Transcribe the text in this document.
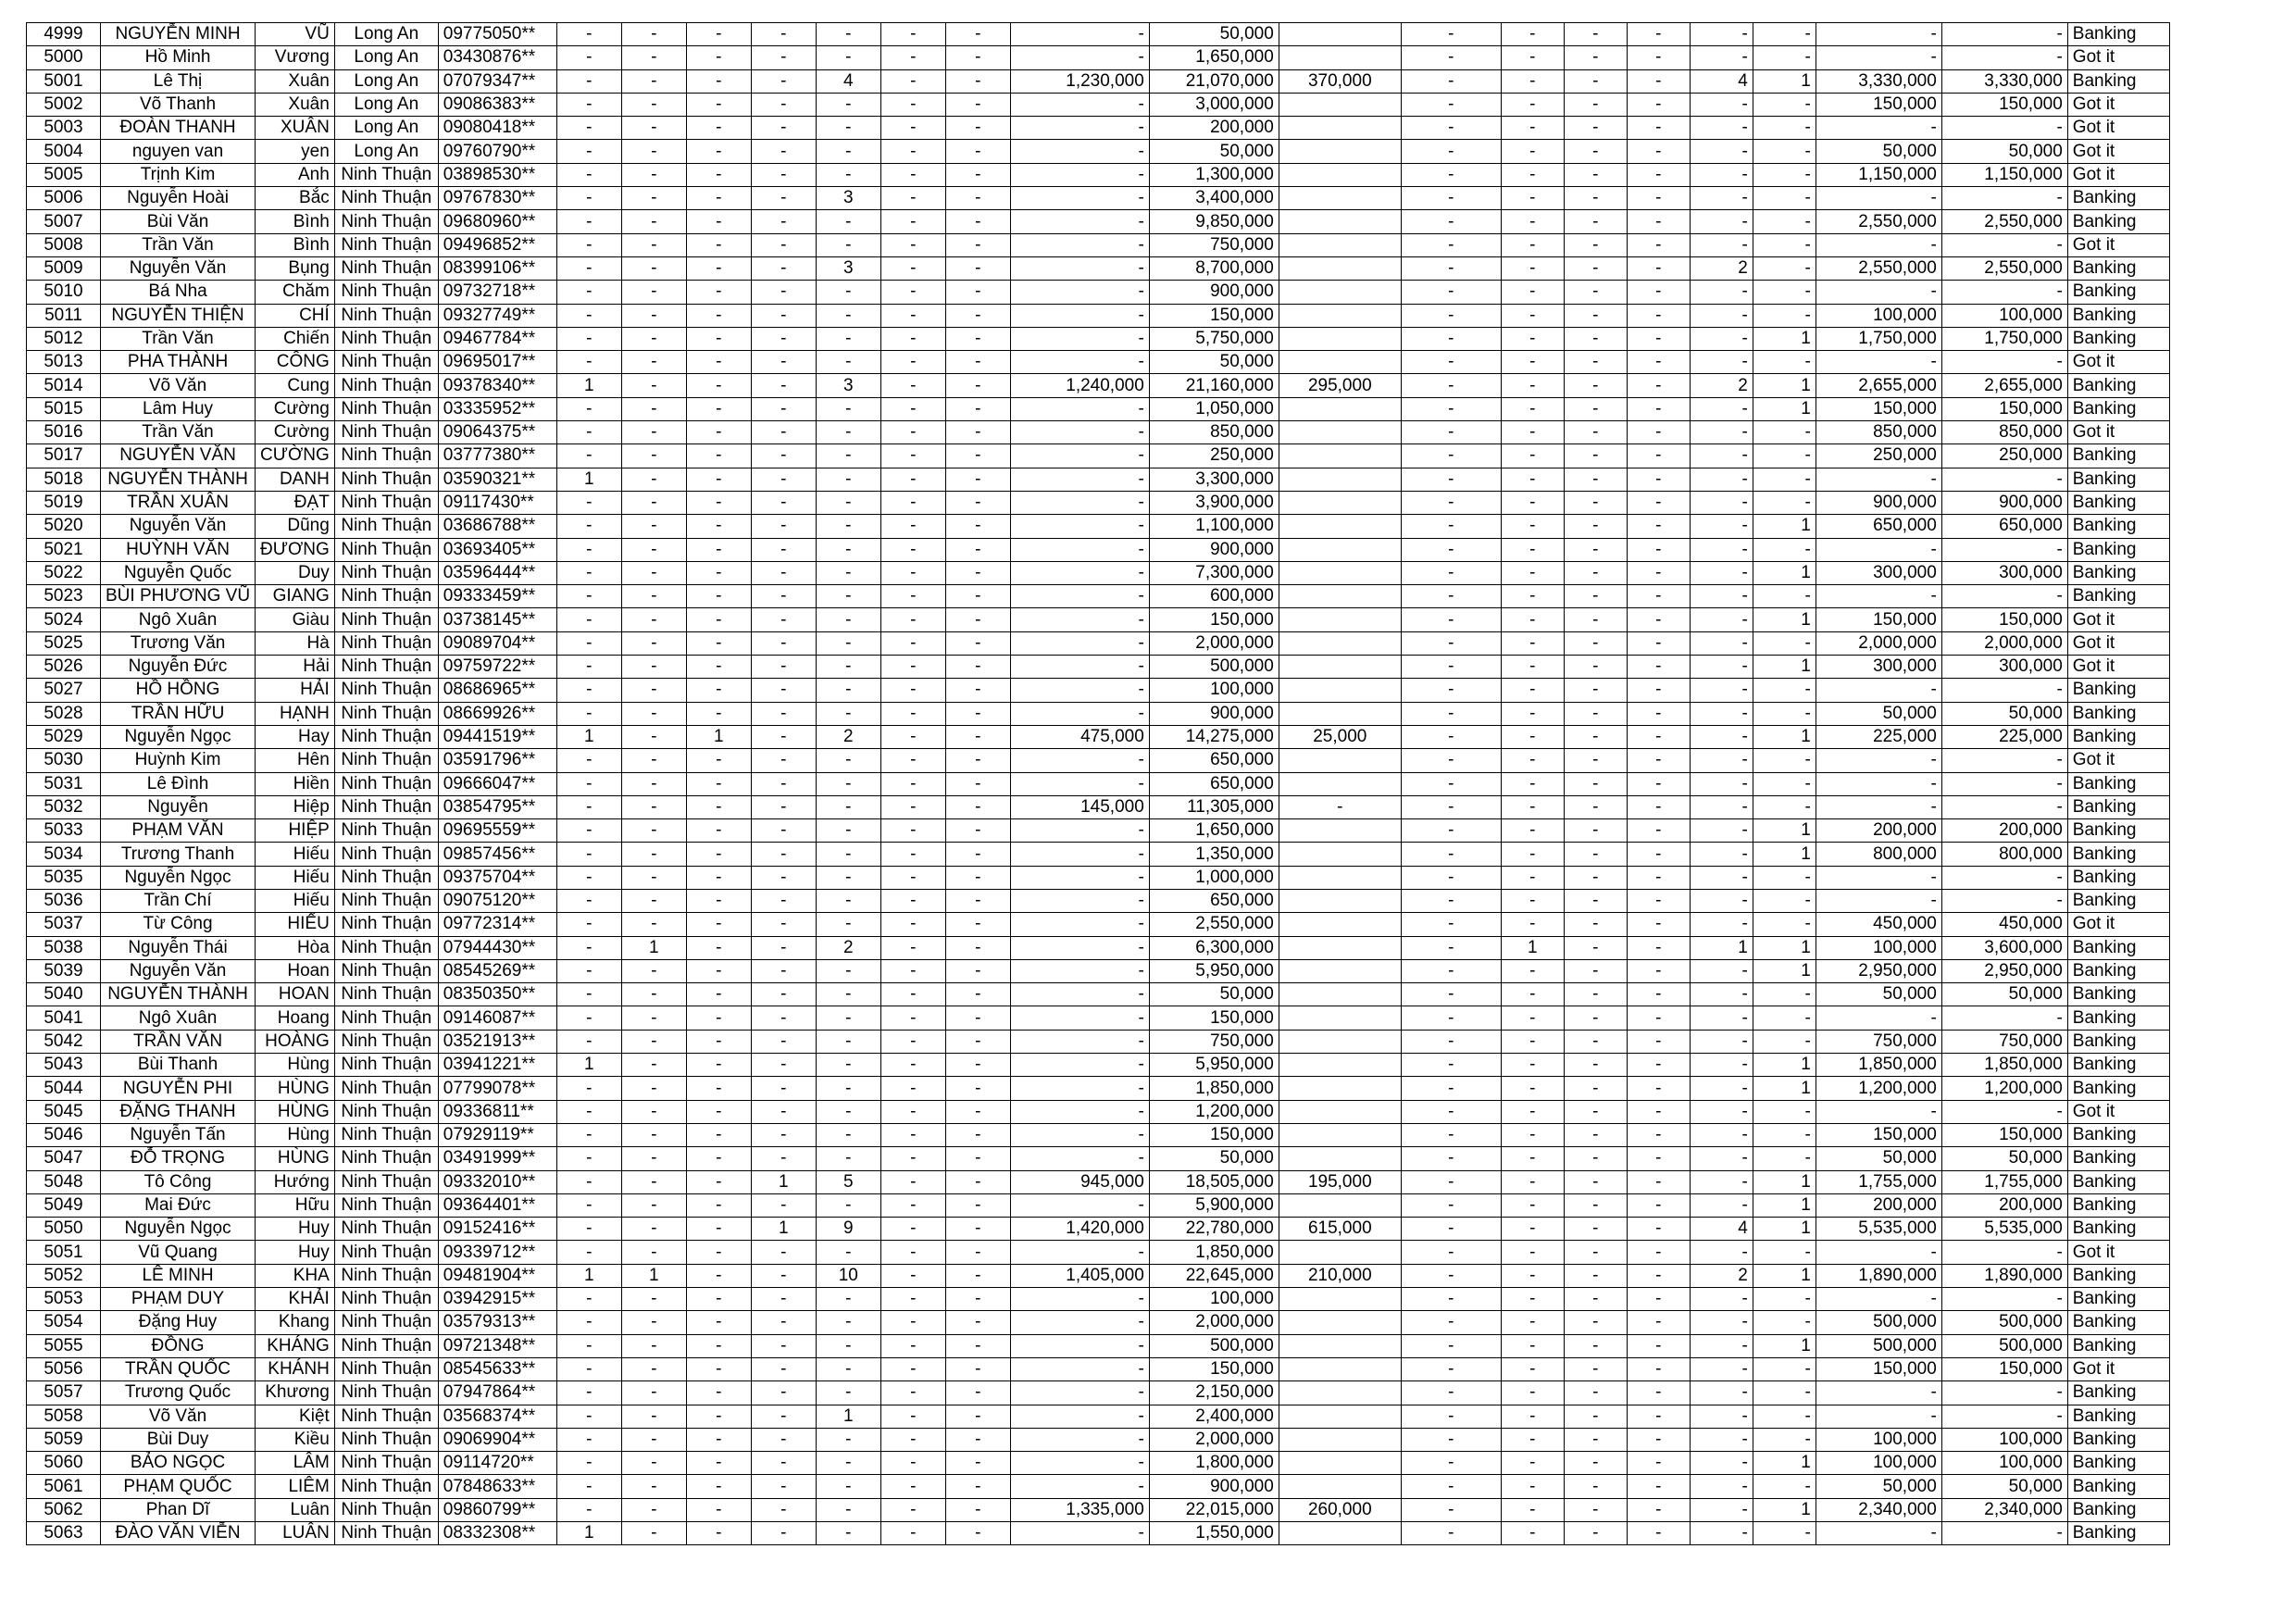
4999	NGUYỄN MINH	VŨ	Long An	09775050**	-	-	-	-	-	-	-	-	50,000		-	-	-	-	-	-	-	-	Banking
5000	Hồ Minh	Vương	Long An	03430876**	-	-	-	-	-	-	-	-	1,650,000		-	-	-	-	-	-	-	-	Got it
5001	Lê Thị	Xuân	Long An	07079347**	-	-	-	-	4	-	-	1,230,000	21,070,000	370,000	-	-	-	-	4	1	3,330,000	3,330,000	Banking
5002	Võ Thanh	Xuân	Long An	09086383**	-	-	-	-	-	-	-	-	3,000,000		-	-	-	-	-	-	150,000	150,000	Got it
5003	ĐOÀN THANH	XUÂN	Long An	09080418**	-	-	-	-	-	-	-	-	200,000		-	-	-	-	-	-	-	-	Got it
5004	nguyen van	yen	Long An	09760790**	-	-	-	-	-	-	-	-	50,000		-	-	-	-	-	-	50,000	50,000	Got it
5005	Trịnh Kim	Anh	Ninh Thuận	03898530**	-	-	-	-	-	-	-	-	1,300,000		-	-	-	-	-	-	1,150,000	1,150,000	Got it
5006	Nguyễn Hoài	Bắc	Ninh Thuận	09767830**	-	-	-	-	3	-	-	-	3,400,000		-	-	-	-	-	-	-	-	Banking
5007	Bùi Văn	Bình	Ninh Thuận	09680960**	-	-	-	-	-	-	-	-	9,850,000		-	-	-	-	-	-	2,550,000	2,550,000	Banking
5008	Trần Văn	Bình	Ninh Thuận	09496852**	-	-	-	-	-	-	-	-	750,000		-	-	-	-	-	-	-	-	Got it
5009	Nguyễn Văn	Bụng	Ninh Thuận	08399106**	-	-	-	-	3	-	-	-	8,700,000		-	-	-	-	2	-	2,550,000	2,550,000	Banking
5010	Bá Nha	Chăm	Ninh Thuận	09732718**	-	-	-	-	-	-	-	-	900,000		-	-	-	-	-	-	-	-	Banking
5011	NGUYỄN THIỆN	CHÍ	Ninh Thuận	09327749**	-	-	-	-	-	-	-	-	150,000		-	-	-	-	-	-	100,000	100,000	Banking
5012	Trần Văn	Chiến	Ninh Thuận	09467784**	-	-	-	-	-	-	-	-	5,750,000		-	-	-	-	-	1	1,750,000	1,750,000	Banking
5013	PHA THÀNH	CÔNG	Ninh Thuận	09695017**	-	-	-	-	-	-	-	-	50,000		-	-	-	-	-	-	-	-	Got it
5014	Võ Văn	Cung	Ninh Thuận	09378340**	1	-	-	-	3	-	-	1,240,000	21,160,000	295,000	-	-	-	-	2	1	2,655,000	2,655,000	Banking
5015	Lâm Huy	Cường	Ninh Thuận	03335952**	-	-	-	-	-	-	-	-	1,050,000		-	-	-	-	-	1	150,000	150,000	Banking
5016	Trần Văn	Cường	Ninh Thuận	09064375**	-	-	-	-	-	-	-	-	850,000		-	-	-	-	-	-	850,000	850,000	Got it
5017	NGUYỄN VĂN	CƯỜNG	Ninh Thuận	03777380**	-	-	-	-	-	-	-	-	250,000		-	-	-	-	-	-	250,000	250,000	Banking
5018	NGUYỄN THÀNH	DANH	Ninh Thuận	03590321**	1	-	-	-	-	-	-	-	3,300,000		-	-	-	-	-	-	-	-	Banking
5019	TRẦN XUÂN	ĐẠT	Ninh Thuận	09117430**	-	-	-	-	-	-	-	-	3,900,000		-	-	-	-	-	-	900,000	900,000	Banking
5020	Nguyễn Văn	Dũng	Ninh Thuận	03686788**	-	-	-	-	-	-	-	-	1,100,000		-	-	-	-	-	1	650,000	650,000	Banking
5021	HUỲNH VĂN	ĐƯƠNG	Ninh Thuận	03693405**	-	-	-	-	-	-	-	-	900,000		-	-	-	-	-	-	-	-	Banking
5022	Nguyễn Quốc	Duy	Ninh Thuận	03596444**	-	-	-	-	-	-	-	-	7,300,000		-	-	-	-	-	1	300,000	300,000	Banking
5023	BÙI PHƯƠNG VŨ	GIANG	Ninh Thuận	09333459**	-	-	-	-	-	-	-	-	600,000		-	-	-	-	-	-	-	-	Banking
5024	Ngô Xuân	Giàu	Ninh Thuận	03738145**	-	-	-	-	-	-	-	-	150,000		-	-	-	-	-	1	150,000	150,000	Got it
5025	Trương Văn	Hà	Ninh Thuận	09089704**	-	-	-	-	-	-	-	-	2,000,000		-	-	-	-	-	-	2,000,000	2,000,000	Got it
5026	Nguyễn Đức	Hải	Ninh Thuận	09759722**	-	-	-	-	-	-	-	-	500,000		-	-	-	-	-	1	300,000	300,000	Got it
5027	HỒ HỒNG	HẢI	Ninh Thuận	08686965**	-	-	-	-	-	-	-	-	100,000		-	-	-	-	-	-	-	-	Banking
5028	TRẦN HỮU	HẠNH	Ninh Thuận	08669926**	-	-	-	-	-	-	-	-	900,000		-	-	-	-	-	-	50,000	50,000	Banking
5029	Nguyễn Ngọc	Hay	Ninh Thuận	09441519**	1	-	1	-	2	-	-	475,000	14,275,000	25,000	-	-	-	-	-	1	225,000	225,000	Banking
5030	Huỳnh Kim	Hên	Ninh Thuận	03591796**	-	-	-	-	-	-	-	-	650,000		-	-	-	-	-	-	-	-	Got it
5031	Lê Đình	Hiền	Ninh Thuận	09666047**	-	-	-	-	-	-	-	-	650,000		-	-	-	-	-	-	-	-	Banking
5032	Nguyễn	Hiệp	Ninh Thuận	03854795**	-	-	-	-	-	-	-	145,000	11,305,000	-	-	-	-	-	-	-	-	-	Banking
5033	PHẠM VĂN	HIỆP	Ninh Thuận	09695559**	-	-	-	-	-	-	-	-	1,650,000		-	-	-	-	-	1	200,000	200,000	Banking
5034	Trương Thanh	Hiếu	Ninh Thuận	09857456**	-	-	-	-	-	-	-	-	1,350,000		-	-	-	-	-	1	800,000	800,000	Banking
5035	Nguyễn Ngọc	Hiếu	Ninh Thuận	09375704**	-	-	-	-	-	-	-	-	1,000,000		-	-	-	-	-	-	-	-	Banking
5036	Trần Chí	Hiếu	Ninh Thuận	09075120**	-	-	-	-	-	-	-	-	650,000		-	-	-	-	-	-	-	-	Banking
5037	Từ Công	HIẾU	Ninh Thuận	09772314**	-	-	-	-	-	-	-	-	2,550,000		-	-	-	-	-	-	450,000	450,000	Got it
5038	Nguyễn Thái	Hòa	Ninh Thuận	07944430**	-	1	-	-	2	-	-	-	6,300,000		-	1	-	-	1	1	100,000	3,600,000	Banking
5039	Nguyễn Văn	Hoan	Ninh Thuận	08545269**	-	-	-	-	-	-	-	-	5,950,000		-	-	-	-	-	1	2,950,000	2,950,000	Banking
5040	NGUYỄN THÀNH	HOAN	Ninh Thuận	08350350**	-	-	-	-	-	-	-	-	50,000		-	-	-	-	-	-	50,000	50,000	Banking
5041	Ngô Xuân	Hoang	Ninh Thuận	09146087**	-	-	-	-	-	-	-	-	150,000		-	-	-	-	-	-	-	-	Banking
5042	TRẦN VĂN	HOÀNG	Ninh Thuận	03521913**	-	-	-	-	-	-	-	-	750,000		-	-	-	-	-	-	750,000	750,000	Banking
5043	Bùi Thanh	Hùng	Ninh Thuận	03941221**	1	-	-	-	-	-	-	-	5,950,000		-	-	-	-	-	1	1,850,000	1,850,000	Banking
5044	NGUYỄN PHI	HÙNG	Ninh Thuận	07799078**	-	-	-	-	-	-	-	-	1,850,000		-	-	-	-	-	1	1,200,000	1,200,000	Banking
5045	ĐẶNG THANH	HÙNG	Ninh Thuận	09336811**	-	-	-	-	-	-	-	-	1,200,000		-	-	-	-	-	-	-	-	Got it
5046	Nguyễn Tấn	Hùng	Ninh Thuận	07929119**	-	-	-	-	-	-	-	-	150,000		-	-	-	-	-	-	150,000	150,000	Banking
5047	ĐỖ TRỌNG	HÙNG	Ninh Thuận	03491999**	-	-	-	-	-	-	-	-	50,000		-	-	-	-	-	-	50,000	50,000	Banking
5048	Tô Công	Hướng	Ninh Thuận	09332010**	-	-	-	1	5	-	-	945,000	18,505,000	195,000	-	-	-	-	-	1	1,755,000	1,755,000	Banking
5049	Mai Đức	Hữu	Ninh Thuận	09364401**	-	-	-	-	-	-	-	-	5,900,000		-	-	-	-	-	1	200,000	200,000	Banking
5050	Nguyễn Ngọc	Huy	Ninh Thuận	09152416**	-	-	-	1	9	-	-	1,420,000	22,780,000	615,000	-	-	-	-	4	1	5,535,000	5,535,000	Banking
5051	Vũ Quang	Huy	Ninh Thuận	09339712**	-	-	-	-	-	-	-	-	1,850,000		-	-	-	-	-	-	-	-	Got it
5052	LÊ MINH	KHA	Ninh Thuận	09481904**	1	1	-	-	10	-	-	1,405,000	22,645,000	210,000	-	-	-	-	2	1	1,890,000	1,890,000	Banking
5053	PHẠM DUY	KHẢI	Ninh Thuận	03942915**	-	-	-	-	-	-	-	-	100,000		-	-	-	-	-	-	-	-	Banking
5054	Đặng Huy	Khang	Ninh Thuận	03579313**	-	-	-	-	-	-	-	-	2,000,000		-	-	-	-	-	-	500,000	500,000	Banking
5055	ĐỒNG	KHÁNG	Ninh Thuận	09721348**	-	-	-	-	-	-	-	-	500,000		-	-	-	-	-	1	500,000	500,000	Banking
5056	TRẦN QUỐC	KHÁNH	Ninh Thuận	08545633**	-	-	-	-	-	-	-	-	150,000		-	-	-	-	-	-	150,000	150,000	Got it
5057	Trương Quốc	Khương	Ninh Thuận	07947864**	-	-	-	-	-	-	-	-	2,150,000		-	-	-	-	-	-	-	-	Banking
5058	Võ Văn	Kiệt	Ninh Thuận	03568374**	-	-	-	-	1	-	-	-	2,400,000		-	-	-	-	-	-	-	-	Banking
5059	Bùi Duy	Kiều	Ninh Thuận	09069904**	-	-	-	-	-	-	-	-	2,000,000		-	-	-	-	-	-	100,000	100,000	Banking
5060	BẢO NGỌC	LÂM	Ninh Thuận	09114720**	-	-	-	-	-	-	-	-	1,800,000		-	-	-	-	-	1	100,000	100,000	Banking
5061	PHẠM QUỐC	LIÊM	Ninh Thuận	07848633**	-	-	-	-	-	-	-	-	900,000		-	-	-	-	-	-	50,000	50,000	Banking
5062	Phan Dĩ	Luân	Ninh Thuận	09860799**	-	-	-	-	-	-	-	1,335,000	22,015,000	260,000	-	-	-	-	-	1	2,340,000	2,340,000	Banking
5063	ĐÀO VĂN VIỄN	LUÂN	Ninh Thuận	08332308**	1	-	-	-	-	-	-	-	1,550,000		-	-	-	-	-	-	-	-	Banking
